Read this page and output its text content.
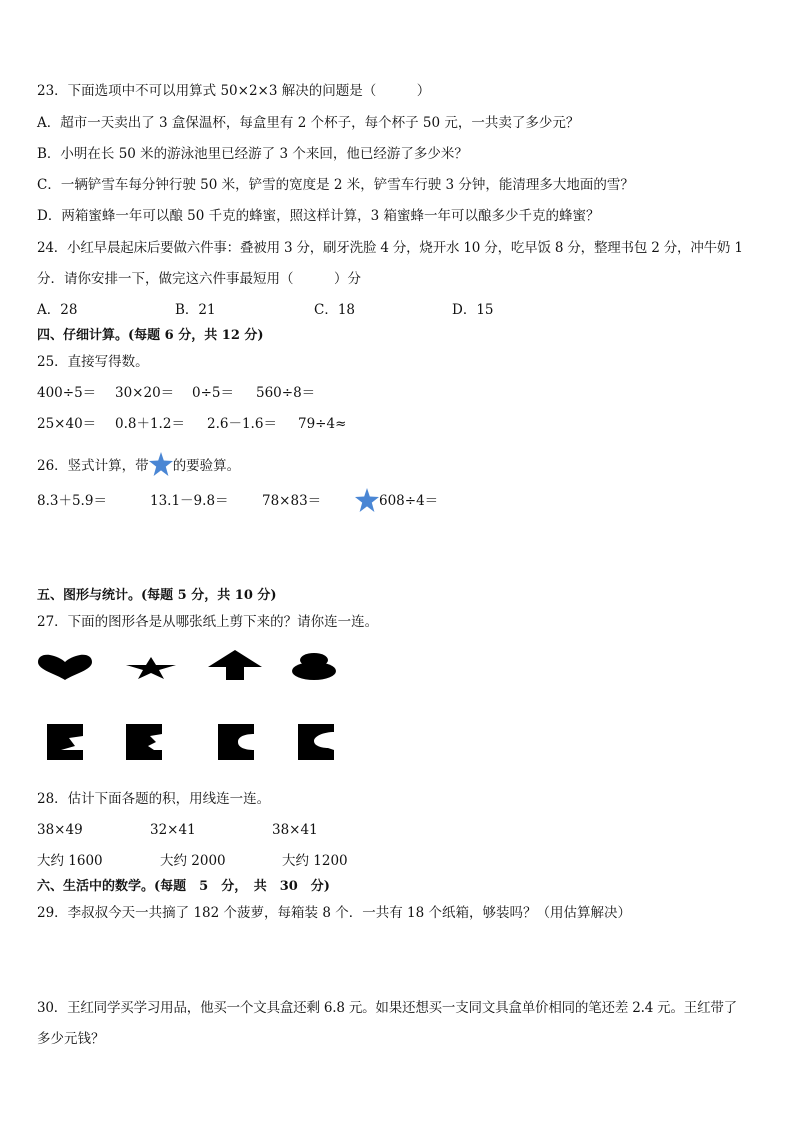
23．下面选项中不可以用算式 50×2×3 解决的问题是（　　　）
A．超市一天卖出了 3 盒保温杯，每盒里有 2 个杯子，每个杯子 50 元，一共卖了多少元？
B．小明在长 50 米的游泳池里已经游了 3 个来回，他已经游了多少米？
C．一辆铲雪车每分钟行驶 50 米，铲雪的宽度是 2 米，铲雪车行驶 3 分钟，能清理多大地面的雪？
D．两箱蜜蜂一年可以酿 50 千克的蜂蜜，照这样计算，3 箱蜜蜂一年可以酿多少千克的蜂蜜？
24．小红早晨起床后要做六件事：叠被用 3 分，刷牙洗脸 4 分，烧开水 10 分，吃早饭 8 分，整理书包 2 分，冲牛奶 1
分．请你安排一下，做完这六件事最短用（　　　）分
A．28	B．21	C．18	D．15
四、仔细计算。(每题 6 分，共 12 分)
25．直接写得数。
400÷5＝ 30×20＝ 0÷5＝ 560÷8＝
25×40＝ 0.8＋1.2＝ 2.6－1.6＝ 79÷4≈
26．竖式计算，带 的要验算。
8.3＋5.9＝	13.1－9.8＝ 78×83＝	608÷4＝
五、图形与统计。(每题 5 分，共 10 分)
27．下面的图形各是从哪张纸上剪下来的？请你连一连。
28．估计下面各题的积，用线连一连。
38×49	32×41	38×41
大约 1600	大约 2000	大约 1200
六、生活中的数学。(每题　5　分，　共　30　分)
29．李叔叔今天一共摘了 182 个菠萝，每箱装 8 个．一共有 18 个纸箱，够装吗？（用估算解决）
30．王红同学买学习用品，他买一个文具盒还剩 6.8 元。如果还想买一支同文具盒单价相同的笔还差 2.4 元。王红带了
多少元钱？
